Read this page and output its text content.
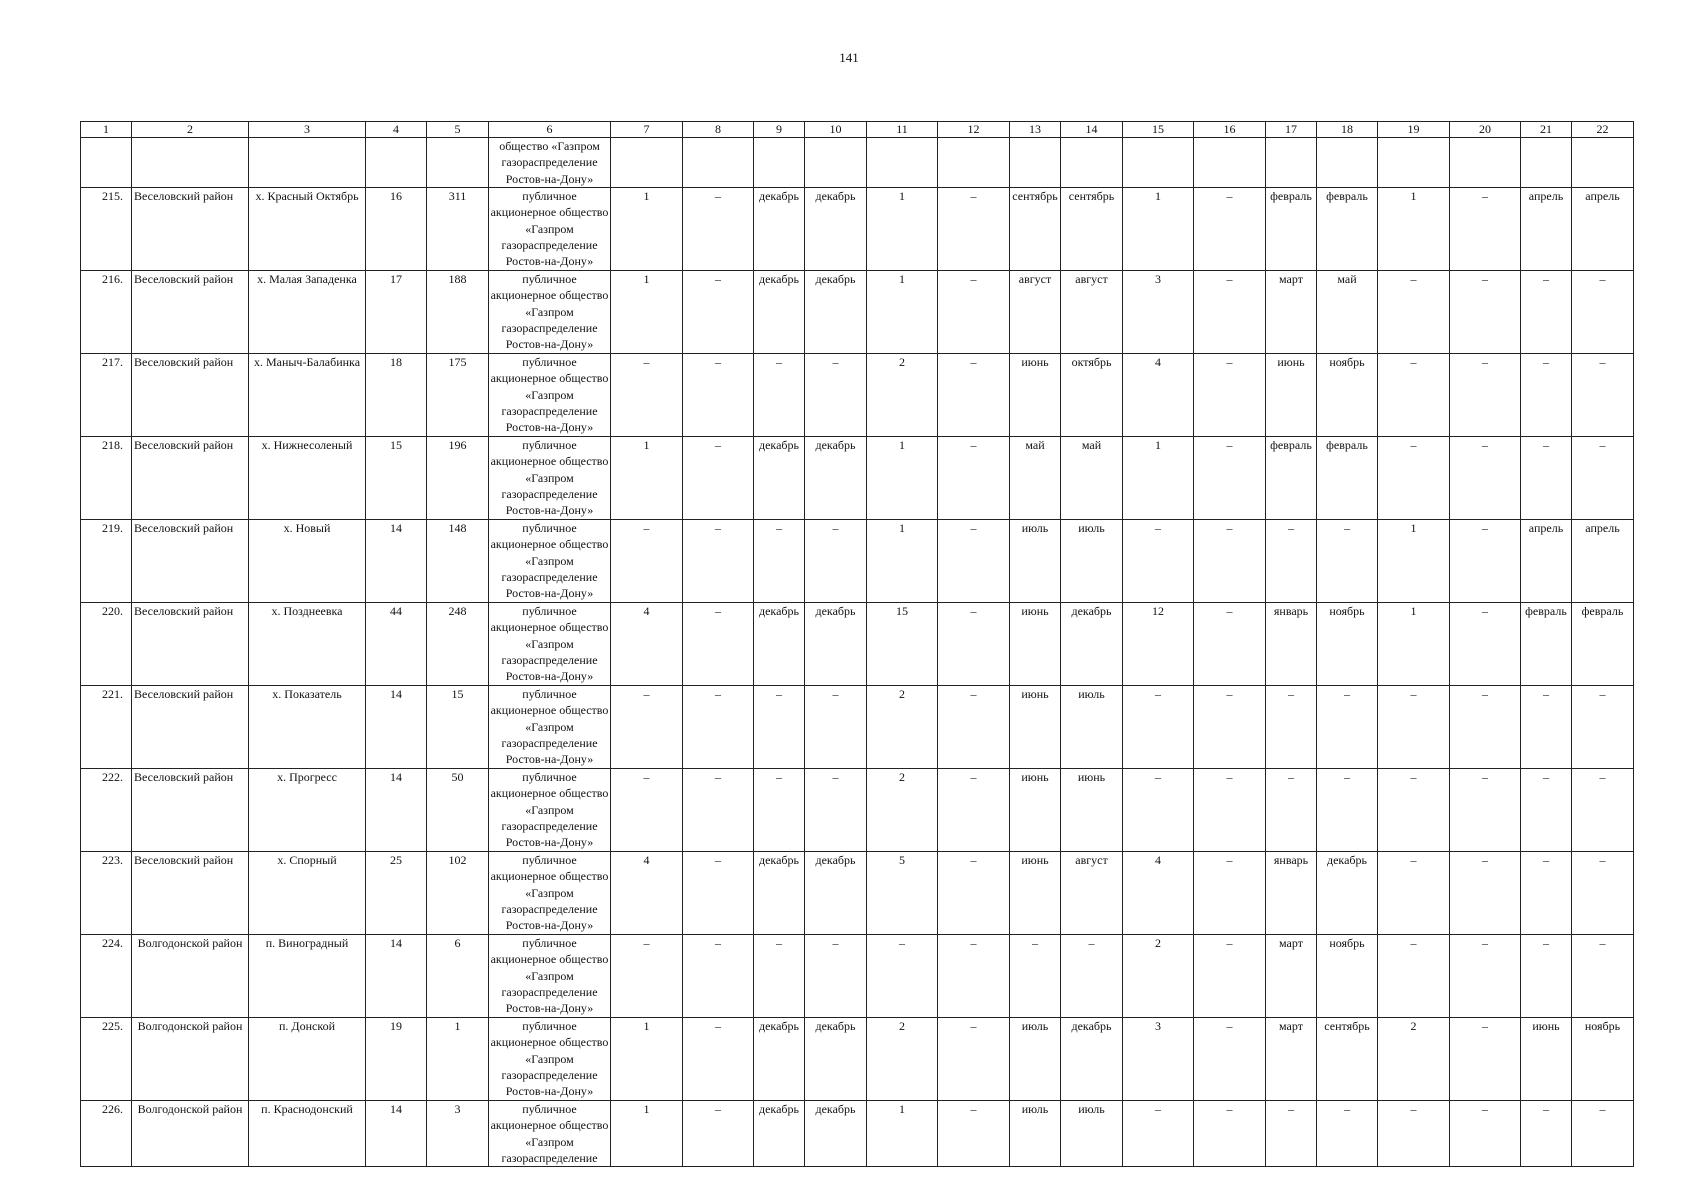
141
1	2	3	4	5	6	7	8	9	10	11	12	13	14	15	16	17	18	19	20	21	22
					общество «Газпром газораспределение Ростов-на-Дону»																
215.	Веселовский район	х. Красный Октябрь	16	311	публичное акционерное общество «Газпром газораспределение Ростов-на-Дону»	1	–	декабрь	декабрь	1	–	сентябрь	сентябрь	1	–	февраль	февраль	1	–	апрель	апрель
216.	Веселовский район	х. Малая Западенка	17	188	публичное акционерное общество «Газпром газораспределение Ростов-на-Дону»	1	–	декабрь	декабрь	1	–	август	август	3	–	март	май	–	–	–	–
217.	Веселовский район	х. Маныч-Балабинка	18	175	публичное акционерное общество «Газпром газораспределение Ростов-на-Дону»	–	–	–	–	2	–	июнь	октябрь	4	–	июнь	ноябрь	–	–	–	–
218.	Веселовский район	х. Нижнесоленый	15	196	публичное акционерное общество «Газпром газораспределение Ростов-на-Дону»	1	–	декабрь	декабрь	1	–	май	май	1	–	февраль	февраль	–	–	–	–
219.	Веселовский район	х. Новый	14	148	публичное акционерное общество «Газпром газораспределение Ростов-на-Дону»	–	–	–	–	1	–	июль	июль	–	–	–	–	1	–	апрель	апрель
220.	Веселовский район	х. Позднеевка	44	248	публичное акционерное общество «Газпром газораспределение Ростов-на-Дону»	4	–	декабрь	декабрь	15	–	июнь	декабрь	12	–	январь	ноябрь	1	–	февраль	февраль
221.	Веселовский район	х. Показатель	14	15	публичное акционерное общество «Газпром газораспределение Ростов-на-Дону»	–	–	–	–	2	–	июнь	июль	–	–	–	–	–	–	–	–
222.	Веселовский район	х. Прогресс	14	50	публичное акционерное общество «Газпром газораспределение Ростов-на-Дону»	–	–	–	–	2	–	июнь	июнь	–	–	–	–	–	–	–	–
223.	Веселовский район	х. Спорный	25	102	публичное акционерное общество «Газпром газораспределение Ростов-на-Дону»	4	–	декабрь	декабрь	5	–	июнь	август	4	–	январь	декабрь	–	–	–	–
224.	Волгодонской район	п. Виноградный	14	6	публичное акционерное общество «Газпром газораспределение Ростов-на-Дону»	–	–	–	–	–	–	–	–	2	–	март	ноябрь	–	–	–	–
225.	Волгодонской район	п. Донской	19	1	публичное акционерное общество «Газпром газораспределение Ростов-на-Дону»	1	–	декабрь	декабрь	2	–	июль	декабрь	3	–	март	сентябрь	2	–	июнь	ноябрь
226.	Волгодонской район	п. Краснодонский	14	3	публичное акционерное общество «Газпром газораспределение	1	–	декабрь	декабрь	1	–	июль	июль	–	–	–	–	–	–	–	–
